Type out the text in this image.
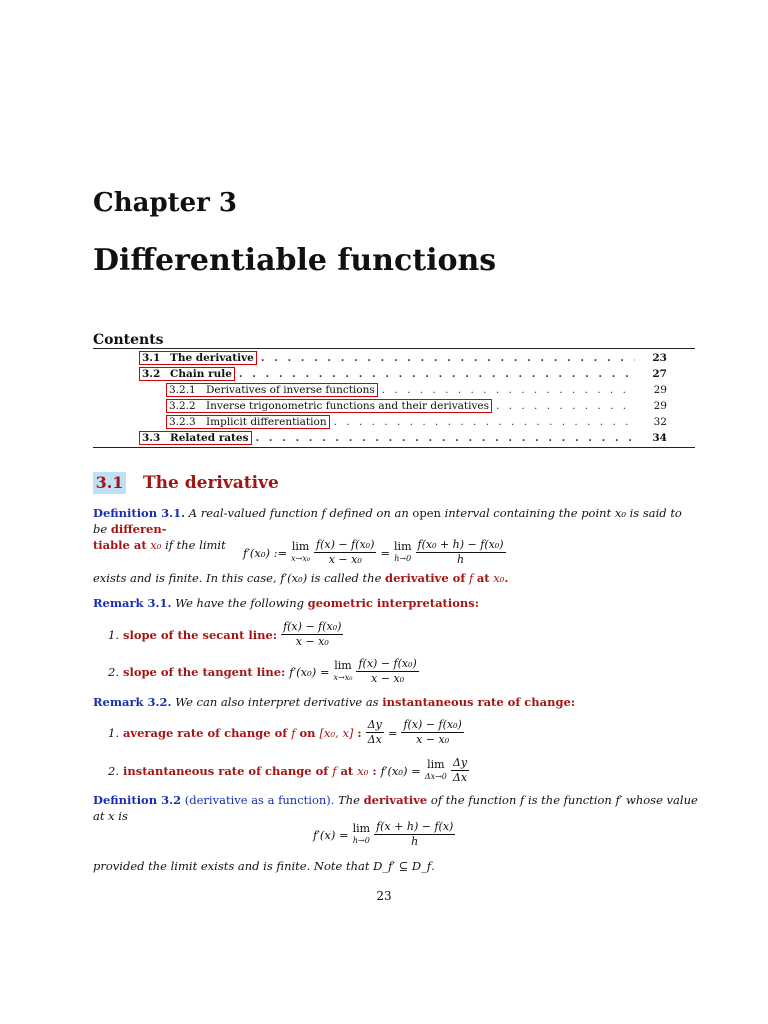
Chapter 3
Differentiable functions
Contents
3.1 The derivative . . .	23
3.2 Chain rule . . .	27
3.2.1 Derivatives of inverse functions . . .	29
3.2.2 Inverse trigonometric functions and their derivatives . . .	29
3.2.3 Implicit differentiation . . .	32
3.3 Related rates . . .	34
3.1 The derivative
Definition 3.1. A real-valued function f defined on an open interval containing the point x₀ is said to be differen-
tiable at x₀ if the limit
f′(x₀) := lim
$x\to x_0 \frac{\text{f(x) − f(x₀)}}{\text{x − x₀}} = \lim$
$h\to 0 \frac{\text{f(x₀ + h) − f(x₀)}}{h}$
exists and is finite. In this case, f′(x₀) is called the derivative of f at x₀.
Remark 3.1. We have the following geometric interpretations:
1. slope of the secant line: $\frac{\text{f(x) − f(x₀)}}{\text{x − x₀}}$
2. slope of the tangent line: f′(x₀) = lim
$x\to x_0 \frac{\text{f(x) − f(x₀)}}{\text{x − x₀}}$
Remark 3.2. We can also interpret derivative as instantaneous rate of change:
1. average rate of change of f on [x₀, x] : $\frac{\Delta y}{\Delta x} = \frac{\text{f(x) − f(x₀)}}{\text{x − x₀}}$
2. instantaneous rate of change of f at x₀ : f′(x₀) = lim
$\Delta x\to 0 \frac{\Delta y}{\Delta x}$
Definition 3.2 (derivative as a function). The derivative of the function f is the function f′ whose value at x is
f′(x) = lim
$h\to 0 \frac{f(x + h) - f(x)}{h}$
provided the limit exists and is finite. Note that D_f′ ⊆ D_f.
23
